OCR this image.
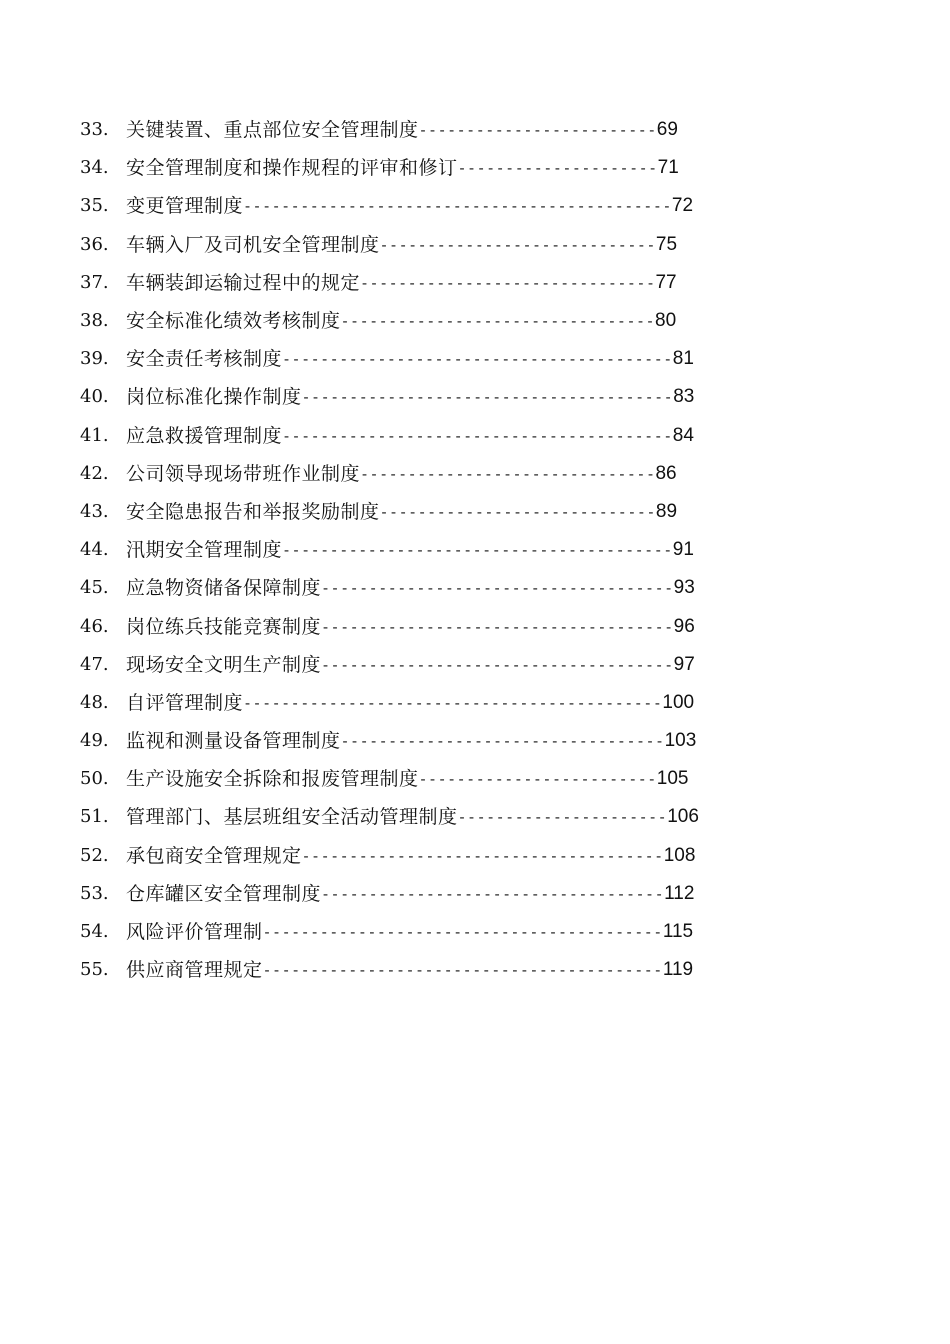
33. 关键装置、重点部位安全管理制度 ------------------------- 69
34. 安全管理制度和操作规程的评审和修订 --------------------- 71
35. 变更管理制度 --------------------------------------------- 72
36. 车辆入厂及司机安全管理制度 ----------------------------- 75
37. 车辆装卸运输过程中的规定 ------------------------------- 77
38. 安全标准化绩效考核制度 --------------------------------- 80
39. 安全责任考核制度 ----------------------------------------- 81
40. 岗位标准化操作制度 --------------------------------------- 83
41. 应急救援管理制度 ----------------------------------------- 84
42. 公司领导现场带班作业制度 ------------------------------- 86
43. 安全隐患报告和举报奖励制度 ----------------------------- 89
44. 汛期安全管理制度 ----------------------------------------- 91
45. 应急物资储备保障制度 ------------------------------------- 93
46. 岗位练兵技能竞赛制度 ------------------------------------- 96
47. 现场安全文明生产制度 ------------------------------------- 97
48. 自评管理制度 -------------------------------------------- 100
49. 监视和测量设备管理制度 ---------------------------------- 103
50. 生产设施安全拆除和报废管理制度 ------------------------- 105
51. 管理部门、基层班组安全活动管理制度 ---------------------- 106
52. 承包商安全管理规定 -------------------------------------- 108
53. 仓库罐区安全管理制度 ------------------------------------ 112
54. 风险评价管理制 ------------------------------------------ 115
55. 供应商管理规定 ------------------------------------------ 119
